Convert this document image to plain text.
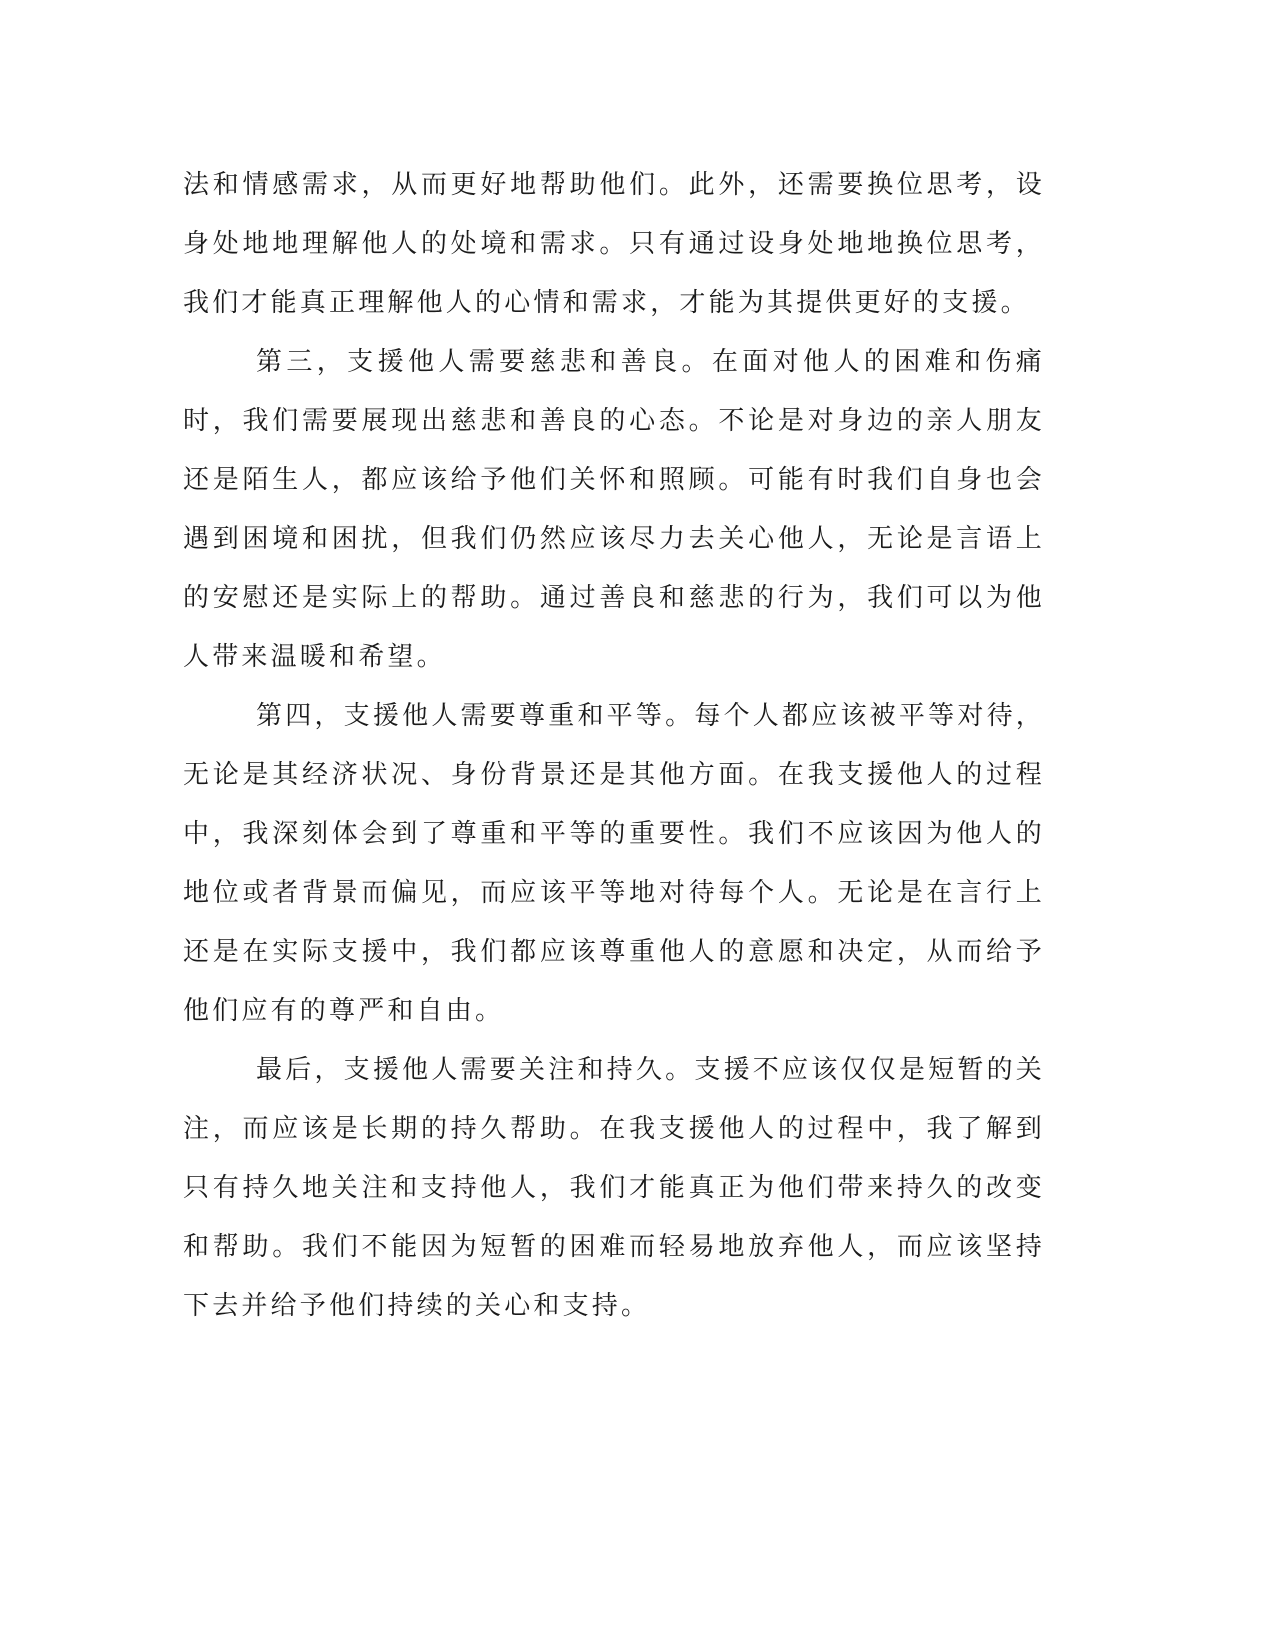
法和情感需求，从而更好地帮助他们。此外，还需要换位思考，设身处地地理解他人的处境和需求。只有通过设身处地地换位思考，我们才能真正理解他人的心情和需求，才能为其提供更好的支援。

第三，支援他人需要慈悲和善良。在面对他人的困难和伤痛时，我们需要展现出慈悲和善良的心态。不论是对身边的亲人朋友还是陌生人，都应该给予他们关怀和照顾。可能有时我们自身也会遇到困境和困扰，但我们仍然应该尽力去关心他人，无论是言语上的安慰还是实际上的帮助。通过善良和慈悲的行为，我们可以为他人带来温暖和希望。

第四，支援他人需要尊重和平等。每个人都应该被平等对待，无论是其经济状况、身份背景还是其他方面。在我支援他人的过程中，我深刻体会到了尊重和平等的重要性。我们不应该因为他人的地位或者背景而偏见，而应该平等地对待每个人。无论是在言行上还是在实际支援中，我们都应该尊重他人的意愿和决定，从而给予他们应有的尊严和自由。

最后，支援他人需要关注和持久。支援不应该仅仅是短暂的关注，而应该是长期的持久帮助。在我支援他人的过程中，我了解到只有持久地关注和支持他人，我们才能真正为他们带来持久的改变和帮助。我们不能因为短暂的困难而轻易地放弃他人，而应该坚持下去并给予他们持续的关心和支持。
